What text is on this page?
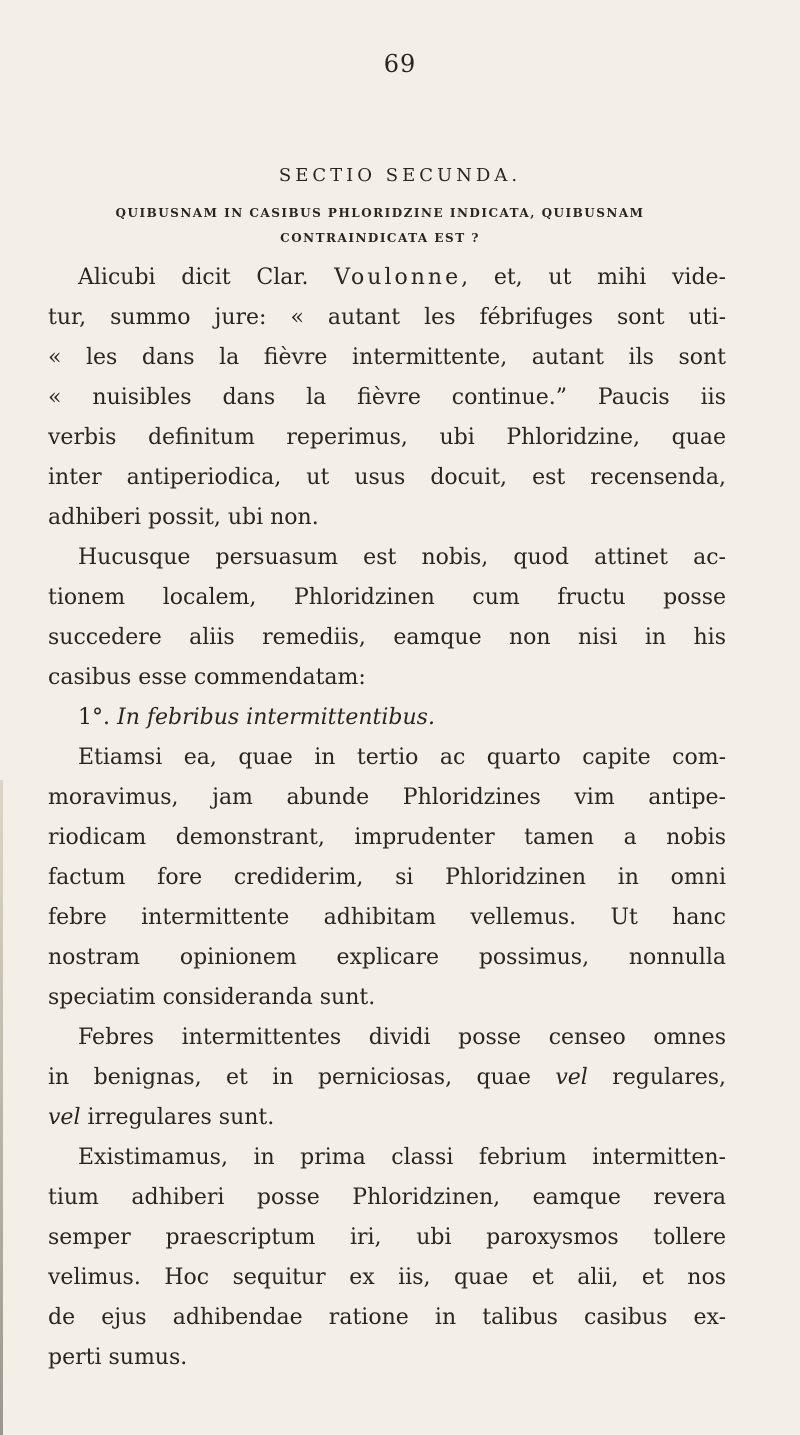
69
SECTIO SECUNDA.
QUIBUSNAM IN CASIBUS PHLORIDZINE INDICATA, QUIBUSNAM
CONTRAINDICATA EST ?
Alicubi dicit Clar. Voulonne, et, ut mihi vide-
tur, summo jure: « autant les fébrifuges sont uti-
« les dans la fièvre intermittente, autant ils sont
« nuisibles dans la fièvre continue.” Paucis iis
verbis definitum reperimus, ubi Phloridzine, quae
inter antiperiodica, ut usus docuit, est recensenda,
adhiberi possit, ubi non.
Hucusque persuasum est nobis, quod attinet ac-
tionem localem, Phloridzinen cum fructu posse
succedere aliis remediis, eamque non nisi in his
casibus esse commendatam:
1°. In febribus intermittentibus.
Etiamsi ea, quae in tertio ac quarto capite com-
moravimus, jam abunde Phloridzines vim antipe-
riodicam demonstrant, imprudenter tamen a nobis
factum fore crediderim, si Phloridzinen in omni
febre intermittente adhibitam vellemus. Ut hanc
nostram opinionem explicare possimus, nonnulla
speciatim consideranda sunt.
Febres intermittentes dividi posse censeo omnes
in benignas, et in perniciosas, quae vel regulares,
vel irregulares sunt.
Existimamus, in prima classi febrium intermitten-
tium adhiberi posse Phloridzinen, eamque revera
semper praescriptum iri, ubi paroxysmos tollere
velimus. Hoc sequitur ex iis, quae et alii, et nos
de ejus adhibendae ratione in talibus casibus ex-
perti sumus.
